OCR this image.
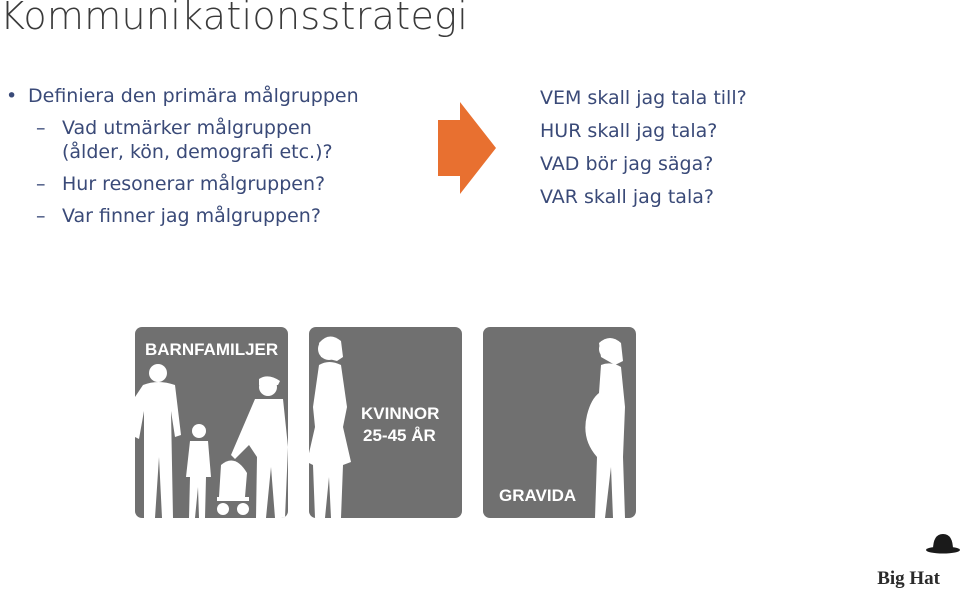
Kommunikationsstrategi
• Definiera den primära målgruppen
– Vad utmärker målgruppen
(ålder, kön, demografi etc.)?
– Hur resonerar målgruppen?
– Var finner jag målgruppen?
VEM skall jag tala till?
HUR skall jag tala?
VAD bör jag säga?
VAR skall jag tala?
BARNFAMILJER
KVINNOR
25-45 ÅR
GRAVIDA
Big Hat
